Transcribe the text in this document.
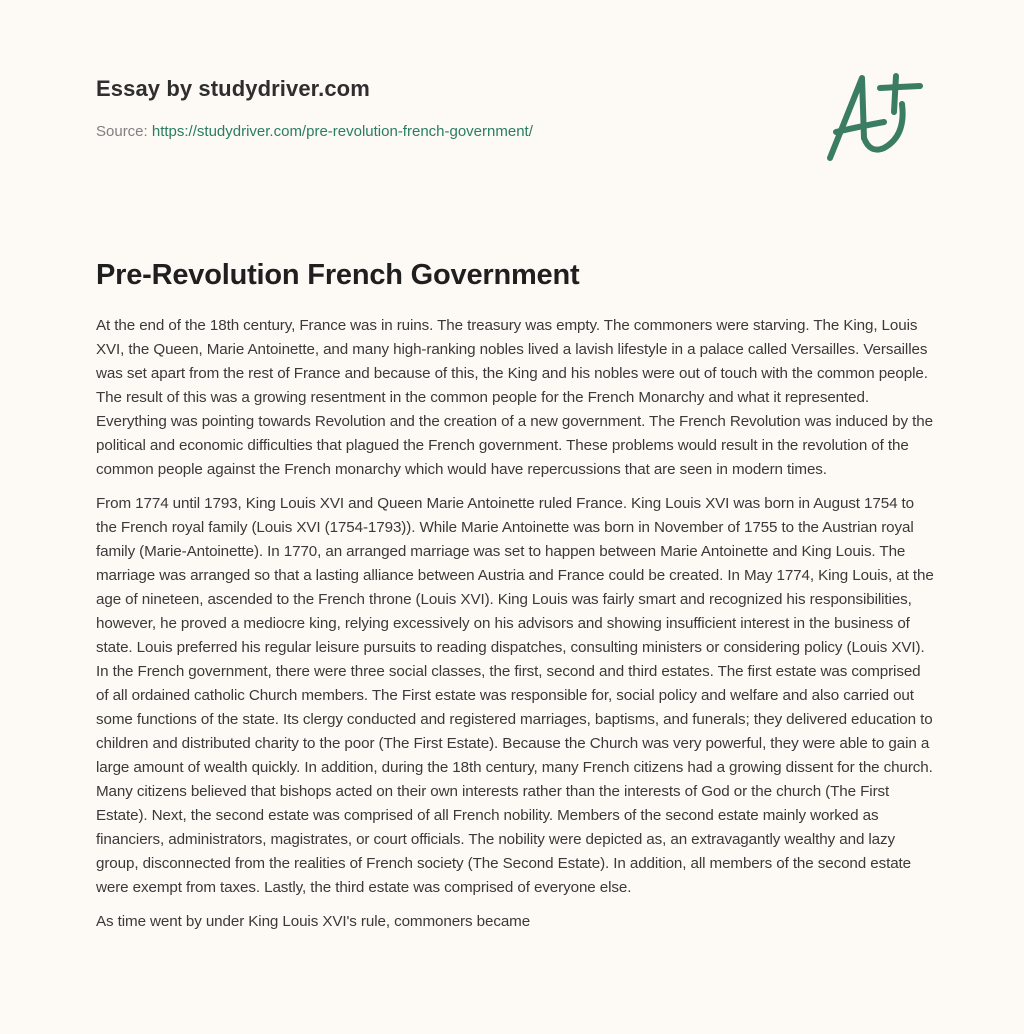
Essay by studydriver.com
Source: https://studydriver.com/pre-revolution-french-government/
Pre-Revolution French Government

At the end of the 18th century, France was in ruins. The treasury was empty. The commoners were starving. The King, Louis XVI, the Queen, Marie Antoinette, and many high-ranking nobles lived a lavish lifestyle in a palace called Versailles. Versailles was set apart from the rest of France and because of this, the King and his nobles were out of touch with the common people. The result of this was a growing resentment in the common people for the French Monarchy and what it represented. Everything was pointing towards Revolution and the creation of a new government. The French Revolution was induced by the political and economic difficulties that plagued the French government. These problems would result in the revolution of the common people against the French monarchy which would have repercussions that are seen in modern times.

From 1774 until 1793, King Louis XVI and Queen Marie Antoinette ruled France. King Louis XVI was born in August 1754 to the French royal family (Louis XVI (1754-1793)). While Marie Antoinette was born in November of 1755 to the Austrian royal family (Marie-Antoinette). In 1770, an arranged marriage was set to happen between Marie Antoinette and King Louis. The marriage was arranged so that a lasting alliance between Austria and France could be created. In May 1774, King Louis, at the age of nineteen, ascended to the French throne (Louis XVI). King Louis was fairly smart and recognized his responsibilities, however, he proved a mediocre king, relying excessively on his advisors and showing insufficient interest in the business of state. Louis preferred his regular leisure pursuits to reading dispatches, consulting ministers or considering policy (Louis XVI). In the French government, there were three social classes, the first, second and third estates. The first estate was comprised of all ordained catholic Church members. The First estate was responsible for, social policy and welfare and also carried out some functions of the state. Its clergy conducted and registered marriages, baptisms, and funerals; they delivered education to children and distributed charity to the poor (The First Estate). Because the Church was very powerful, they were able to gain a large amount of wealth quickly. In addition, during the 18th century, many French citizens had a growing dissent for the church. Many citizens believed that bishops acted on their own interests rather than the interests of God or the church (The First Estate). Next, the second estate was comprised of all French nobility. Members of the second estate mainly worked as financiers, administrators, magistrates, or court officials. The nobility were depicted as, an extravagantly wealthy and lazy group, disconnected from the realities of French society (The Second Estate). In addition, all members of the second estate were exempt from taxes. Lastly, the third estate was comprised of everyone else.

As time went by under King Louis XVI's rule, commoners became
